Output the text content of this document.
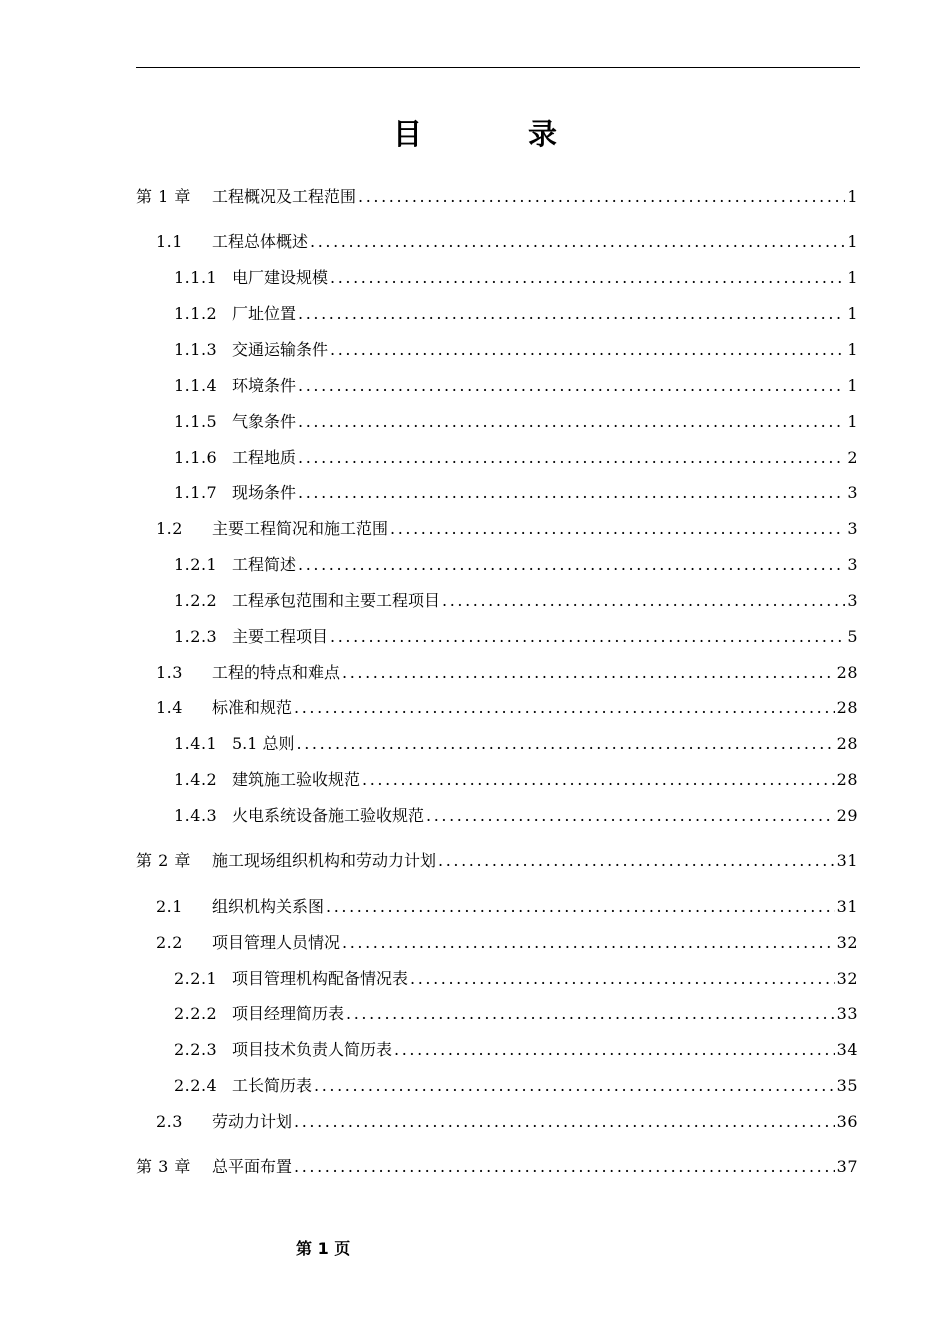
目	录
第 1 章	工程概况及工程范围 .....	1
1.1	工程总体概述 .....	1
1.1.1 电厂建设规模 .....	1
1.1.2 厂址位置 .....	1
1.1.3 交通运输条件 .....	1
1.1.4 环境条件 .....	1
1.1.5 气象条件 .....	1
1.1.6 工程地质 .....	2
1.1.7 现场条件 .....	3
1.2	主要工程简况和施工范围 .....	3
1.2.1 工程简述 .....	3
1.2.2 工程承包范围和主要工程项目 .....	3
1.2.3 主要工程项目 .....	5
1.3	工程的特点和难点 .....	28
1.4	标准和规范 .....	28
1.4.1 5.1 总则 .....	28
1.4.2 建筑施工验收规范 .....	28
1.4.3 火电系统设备施工验收规范 .....	29
第 2 章	施工现场组织机构和劳动力计划 .....	31
2.1	组织机构关系图 .....	31
2.2	项目管理人员情况 .....	32
2.2.1 项目管理机构配备情况表 .....	32
2.2.2 项目经理简历表 .....	33
2.2.3 项目技术负责人简历表 .....	34
2.2.4 工长简历表 .....	35
2.3	劳动力计划 .....	36
第 3 章	总平面布置 .....	37
第 1 页
